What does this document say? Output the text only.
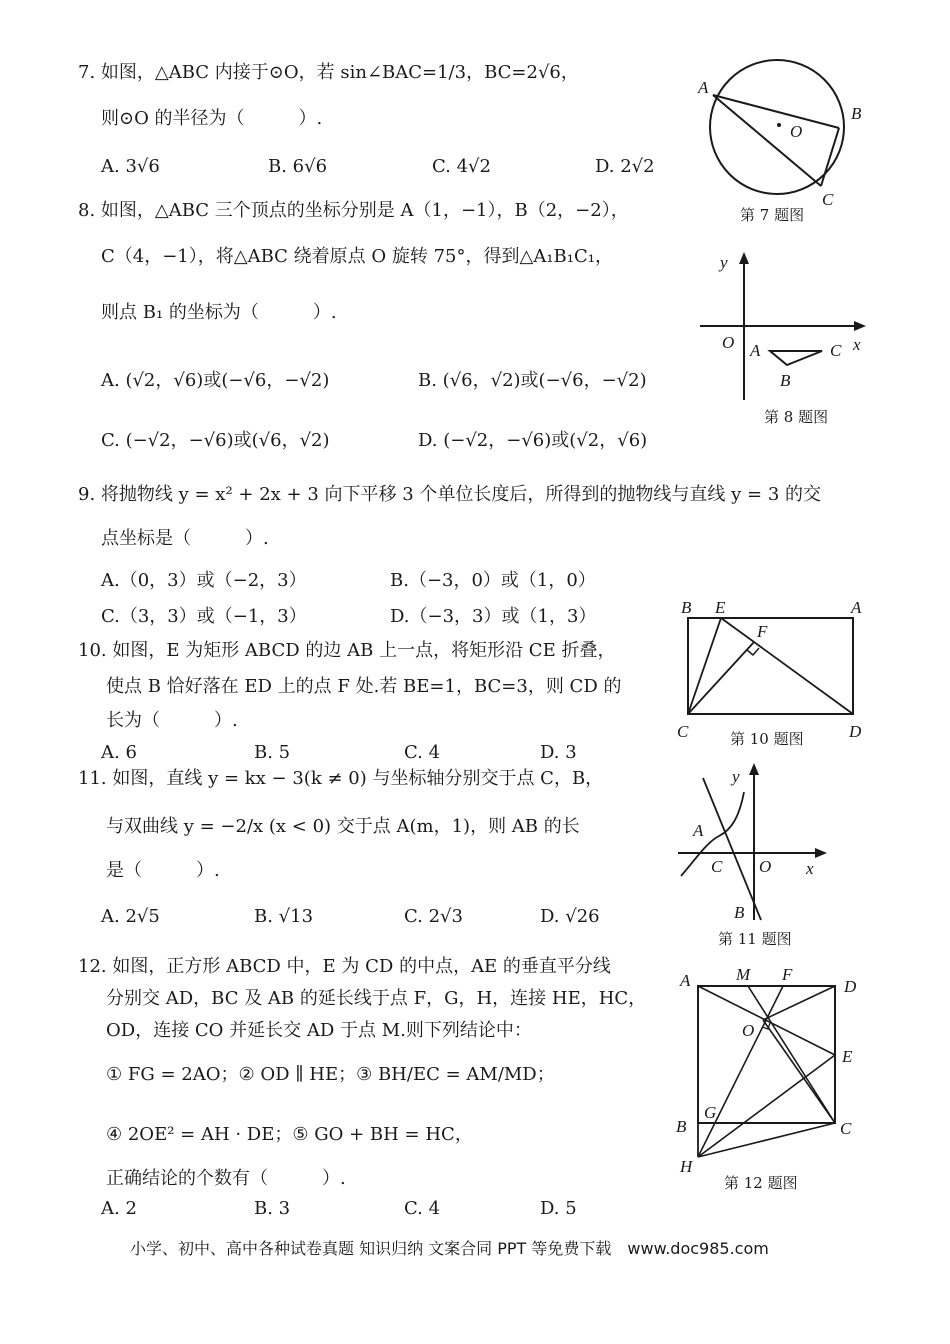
7. 如图，△ABC 内接于⊙O，若 sin∠BAC=1/3，BC=2√6，
则⊙O 的半径为（　　　）.
A. 3√6	B. 6√6	C. 4√2	D. 2√2
A
B
C
O
第 7 题图
8. 如图，△ABC 三个顶点的坐标分别是 A（1，−1），B（2，−2），
C（4，−1），将△ABC 绕着原点 O 旋转 75°，得到△A₁B₁C₁，
则点 B₁ 的坐标为（　　　）.
A. (√2，√6)或(−√6，−√2)	B. (√6，√2)或(−√6，−√2)
C. (−√2，−√6)或(√6，√2)	D. (−√2，−√6)或(√2，√6)
y
O A	C x
B
第 8 题图
9. 将抛物线 y = x² + 2x + 3 向下平移 3 个单位长度后，所得到的抛物线与直线 y = 3 的交
点坐标是（　　　）.
A.（0，3）或（−2，3）	B.（−3，0）或（1，0）
C.（3，3）或（−1，3）	D.（−3，3）或（1，3）
10. 如图，E 为矩形 ABCD 的边 AB 上一点，将矩形沿 CE 折叠，
使点 B 恰好落在 ED 上的点 F 处.若 BE=1，BC=3，则 CD 的
长为（　　　）.
A. 6	B. 5	C. 4	D. 3
B E	A
F
C	D
第 10 题图
11. 如图，直线 y = kx − 3(k ≠ 0) 与坐标轴分别交于点 C，B，
与双曲线 y = −2/x (x < 0) 交于点 A(m，1)，则 AB 的长
是（　　　）.
A. 2√5	B. √13	C. 2√3	D. √26
y
A
C O x
B
第 11 题图
12. 如图，正方形 ABCD 中，E 为 CD 的中点，AE 的垂直平分线
分别交 AD，BC 及 AB 的延长线于点 F，G，H，连接 HE，HC，
OD，连接 CO 并延长交 AD 于点 M.则下列结论中：
① FG = 2AO；② OD ∥ HE；③ BH/EC = AM/MD；
④ 2OE² = AH · DE；⑤ GO + BH = HC，
正确结论的个数有（　　　）.
A. 2	B. 3	C. 4	D. 5
A	M F
D
O
E
G
B	C
H
第 12 题图
小学、初中、高中各种试卷真题 知识归纳 文案合同 PPT 等免费下载　www.doc985.com
